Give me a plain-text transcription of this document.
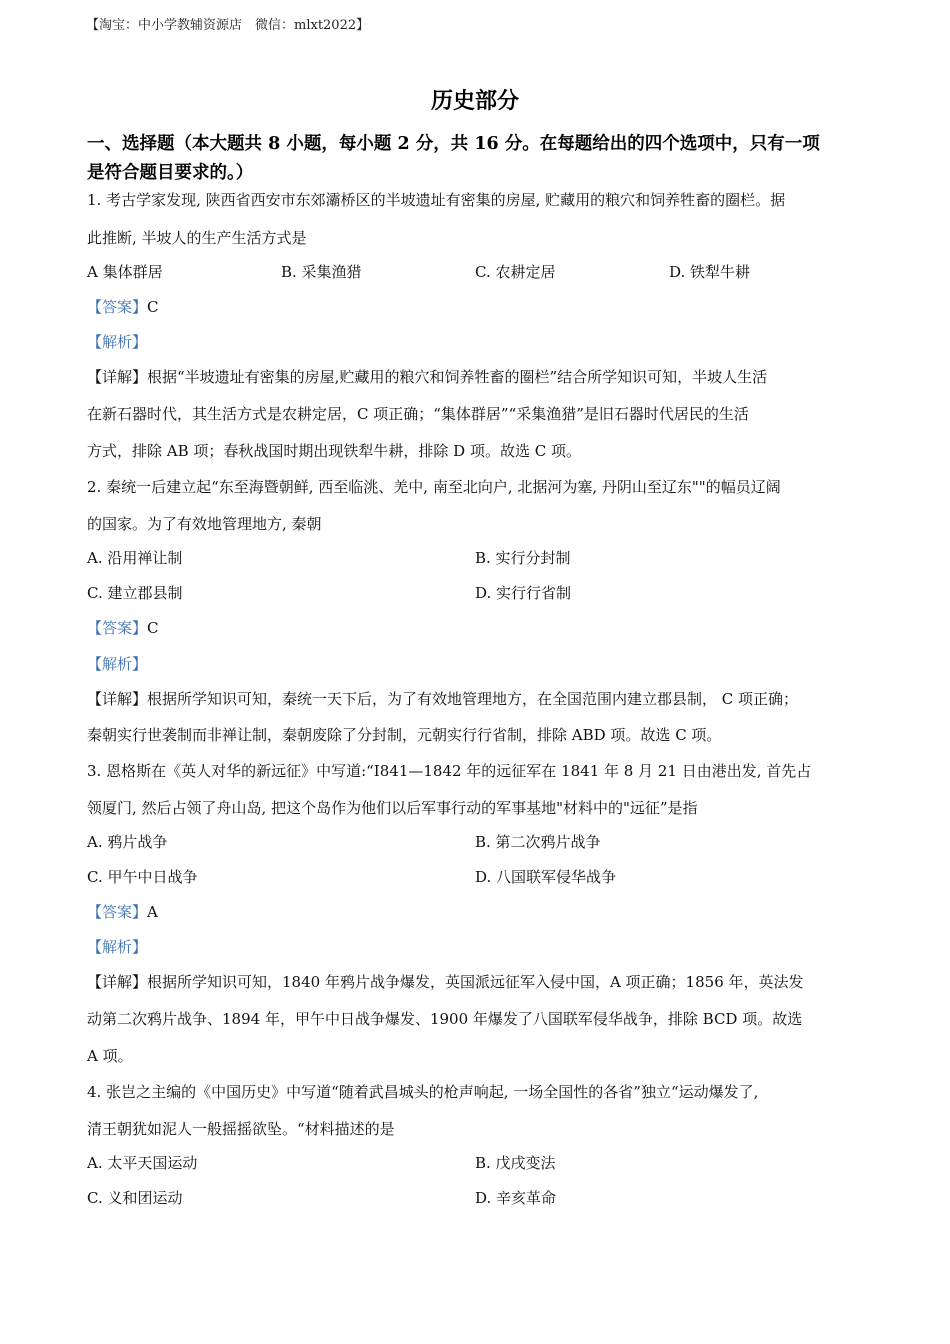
【淘宝：中小学教辅资源店　微信：mlxt2022】
历史部分
一、选择题（本大题共 8 小题，每小题 2 分，共 16 分。在每题给出的四个选项中，只有一项
是符合题目要求的。）
1. 考古学家发现, 陕西省西安市东郊灞桥区的半坡遗址有密集的房屋, 贮藏用的粮穴和饲养牲畜的圈栏。据
此推断, 半坡人的生产生活方式是
A 集体群居	B. 采集渔猎	C. 农耕定居	D. 铁犁牛耕
【答案】C
【解析】
【详解】根据“半坡遗址有密集的房屋,贮藏用的粮穴和饲养牲畜的圈栏”结合所学知识可知，半坡人生活
在新石器时代，其生活方式是农耕定居，C 项正确；“集体群居”“采集渔猎”是旧石器时代居民的生活
方式，排除 AB 项；春秋战国时期出现铁犁牛耕，排除 D 项。故选 C 项。
2. 秦统一后建立起“东至海暨朝鲜, 西至临洮、羌中, 南至北向户, 北据河为塞, 丹阴山至辽东""的幅员辽阔
的国家。为了有效地管理地方, 秦朝
A. 沿用禅让制	B. 实行分封制
C. 建立郡县制	D. 实行行省制
【答案】C
【解析】
【详解】根据所学知识可知，秦统一天下后，为了有效地管理地方，在全国范围内建立郡县制， C 项正确；
秦朝实行世袭制而非禅让制，秦朝废除了分封制，元朝实行行省制，排除 ABD 项。故选 C 项。
3. 恩格斯在《英人对华的新远征》中写道:“I841—1842 年的远征军在 1841 年 8 月 21 日由港出发, 首先占
领厦门, 然后占领了舟山岛, 把这个岛作为他们以后军事行动的军事基地"材料中的"远征”是指
A. 鸦片战争	B. 第二次鸦片战争
C. 甲午中日战争	D. 八国联军侵华战争
【答案】A
【解析】
【详解】根据所学知识可知，1840 年鸦片战争爆发，英国派远征军入侵中国，A 项正确；1856 年，英法发
动第二次鸦片战争、1894 年，甲午中日战争爆发、1900 年爆发了八国联军侵华战争，排除 BCD 项。故选
A 项。
4. 张岂之主编的《中国历史》中写道“随着武昌城头的枪声响起, 一场全国性的各省”独立“运动爆发了,
清王朝犹如泥人一般摇摇欲坠。“材料描述的是
A. 太平天国运动	B. 戊戌变法
C. 义和团运动	D. 辛亥革命
